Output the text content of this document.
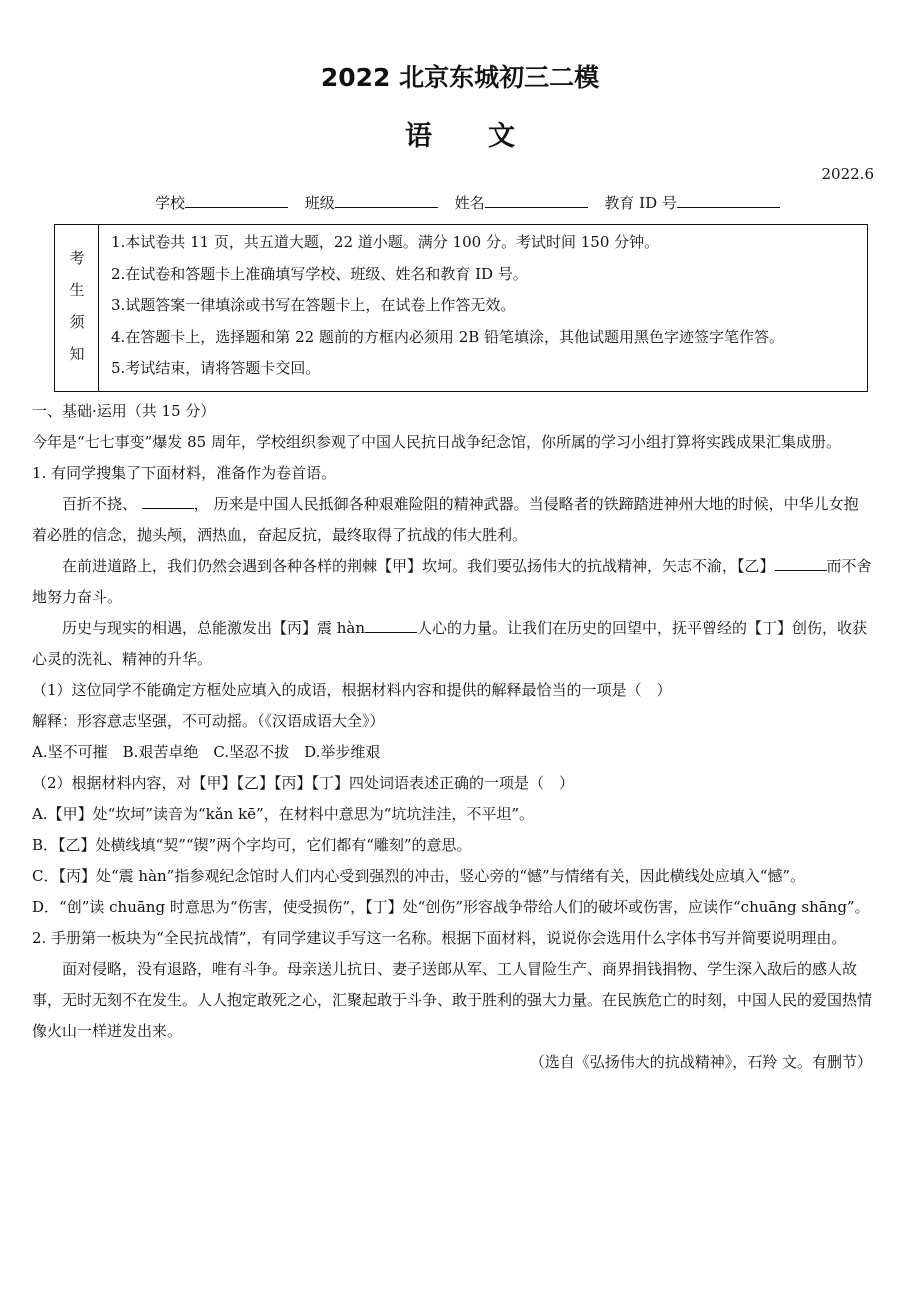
2022 北京东城初三二模
语文
2022.6
学校	班级	姓名	教育 ID 号
考
生
须
知
1.本试卷共 11 页，共五道大题，22 道小题。满分 100 分。考试时间 150 分钟。
2.在试卷和答题卡上准确填写学校、班级、姓名和教育 ID 号。
3.试题答案一律填涂或书写在答题卡上，在试卷上作答无效。
4.在答题卡上，选择题和第 22 题前的方框内必须用 2B 铅笔填涂，其他试题用黑色字迹签字笔作答。
5.考试结束，请将答题卡交回。

一、基础·运用（共 15 分）

今年是“七七事变”爆发 85 周年，学校组织参观了中国人民抗日战争纪念馆，你所属的学习小组打算将实践成果汇集成册。

1. 有同学搜集了下面材料，准备作为卷首语。

百折不挠、	， 历来是中国人民抵御各种艰难险阻的精神武器。当侵略者的铁蹄踏进神州大地的时候，中华儿女抱着必胜的信念，抛头颅，洒热血，奋起反抗，最终取得了抗战的伟大胜利。

在前进道路上，我们仍然会遇到各种各样的荆棘【甲】坎坷。我们要弘扬伟大的抗战精神，矢志不渝，【乙】	而不舍地努力奋斗。

历史与现实的相遇，总能激发出【丙】震 hàn	人心的力量。让我们在历史的回望中，抚平曾经的【丁】创伤，收获心灵的洗礼、精神的升华。

（1）这位同学不能确定方框处应填入的成语，根据材料内容和提供的解释最恰当的一项是（　）

解释：形容意志坚强，不可动摇。（《汉语成语大全》）

A.坚不可摧　B.艰苦卓绝　C.坚忍不拔　D.举步维艰

（2）根据材料内容，对【甲】【乙】【丙】【丁】四处词语表述正确的一项是（　）

A.【甲】处“坎坷”读音为“kǎn kē”，在材料中意思为“坑坑洼洼，不平坦”。

B．【乙】处横线填“契”“锲”两个字均可，它们都有“雕刻”的意思。

C．【丙】处“震 hàn”指参观纪念馆时人们内心受到强烈的冲击，竖心旁的“憾”与情绪有关，因此横线处应填入“憾”。

D．“创”读 chuāng 时意思为“伤害，使受损伤”，【丁】处“创伤”形容战争带给人们的破坏或伤害，应读作“chuāng shāng”。

2. 手册第一板块为“全民抗战情”，有同学建议手写这一名称。根据下面材料，说说你会选用什么字体书写并简要说明理由。

面对侵略，没有退路，唯有斗争。母亲送儿抗日、妻子送郎从军、工人冒险生产、商界捐钱捐物、学生深入敌后的感人故事，无时无刻不在发生。人人抱定敢死之心，汇聚起敢于斗争、敢于胜利的强大力量。在民族危亡的时刻，中国人民的爱国热情像火山一样迸发出来。

（选自《弘扬伟大的抗战精神》，石羚 文。有删节）
